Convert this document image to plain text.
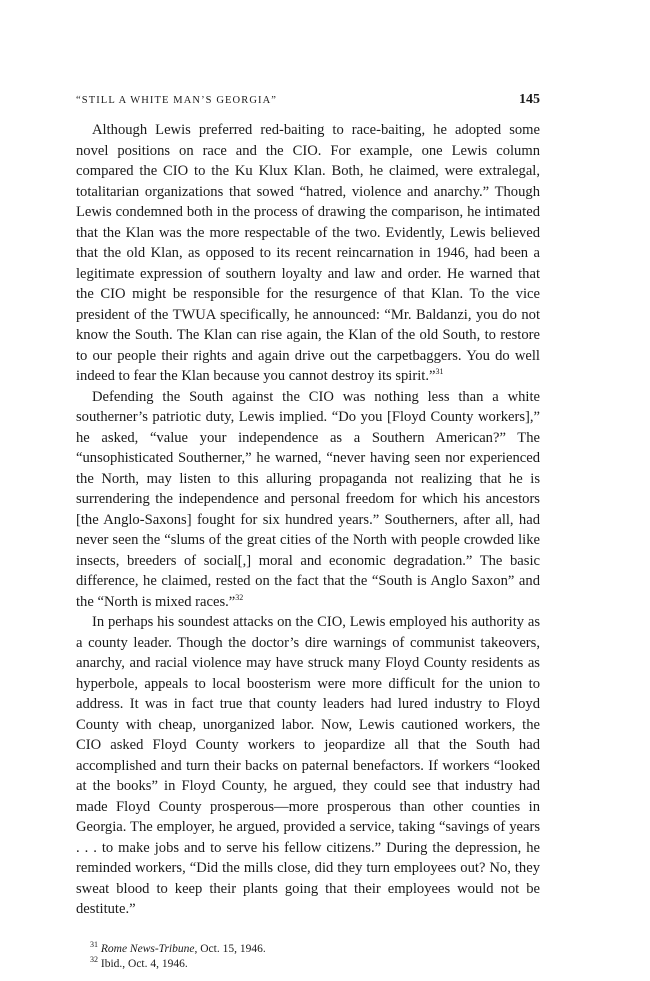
“STILL A WHITE MAN’S GEORGIA”	145

Although Lewis preferred red-baiting to race-baiting, he adopted some novel positions on race and the CIO. For example, one Lewis column compared the CIO to the Ku Klux Klan. Both, he claimed, were extralegal, totalitarian organizations that sowed “hatred, violence and anarchy.” Though Lewis condemned both in the process of drawing the comparison, he intimated that the Klan was the more respectable of the two. Evidently, Lewis believed that the old Klan, as opposed to its recent reincarnation in 1946, had been a legitimate expression of southern loyalty and law and order. He warned that the CIO might be responsible for the resurgence of that Klan. To the vice president of the TWUA specifically, he announced: “Mr. Baldanzi, you do not know the South. The Klan can rise again, the Klan of the old South, to restore to our people their rights and again drive out the carpetbaggers. You do well indeed to fear the Klan because you cannot destroy its spirit.”$^{31}$

Defending the South against the CIO was nothing less than a white southerner’s patriotic duty, Lewis implied. “Do you [Floyd County workers],” he asked, “value your independence as a Southern American?” The “unsophisticated Southerner,” he warned, “never having seen nor experienced the North, may listen to this alluring propaganda not realizing that he is surrendering the independence and personal freedom for which his ancestors [the Anglo-Saxons] fought for six hundred years.” Southerners, after all, had never seen the “slums of the great cities of the North with people crowded like insects, breeders of social[,] moral and economic degradation.” The basic difference, he claimed, rested on the fact that the “South is Anglo Saxon” and the “North is mixed races.”$^{32}$

In perhaps his soundest attacks on the CIO, Lewis employed his authority as a county leader. Though the doctor’s dire warnings of communist takeovers, anarchy, and racial violence may have struck many Floyd County residents as hyperbole, appeals to local boosterism were more difficult for the union to address. It was in fact true that county leaders had lured industry to Floyd County with cheap, unorganized labor. Now, Lewis cautioned workers, the CIO asked Floyd County workers to jeopardize all that the South had accomplished and turn their backs on paternal benefactors. If workers “looked at the books” in Floyd County, he argued, they could see that industry had made Floyd County prosperous—more prosperous than other counties in Georgia. The employer, he argued, provided a service, taking “savings of years . . . to make jobs and to serve his fellow citizens.” During the depression, he reminded workers, “Did the mills close, did they turn employees out? No, they sweat blood to keep their plants going that their employees would not be destitute.”

$^{31}$ Rome News-Tribune, Oct. 15, 1946.
$^{32}$ Ibid., Oct. 4, 1946.
